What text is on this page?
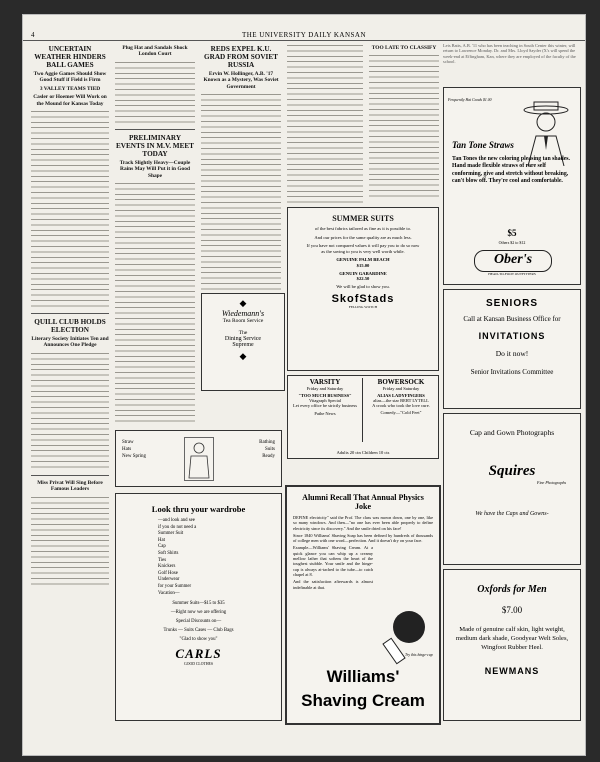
4	THE UNIVERSITY DAILY KANSAN
UNCERTAIN WEATHER HINDERS BALL GAMES
Two Aggie Games Should Show Good Stuff if Field is Firm
3 VALLEY TEAMS TIED
Casler or Hoemer Will Work on the Mound for Kansas Today
QUILL CLUB HOLDS ELECTION
Literary Society Initiates Ten and Announces One Pledge
Miss Privat Will Sing Before Famous Leaders
Plug Hat and Sandals Shock London Court
PRELIMINARY EVENTS IN M.V. MEET TODAY
Track Slightly Heavy—Couple Rains May Will Put it in Good Shape
REDS EXPEL K.U. GRAD FROM SOVIET RUSSIA
Ervin W. Hollinger, A.B. '17 Known as a Mystery, Was Soviet Government
TOO LATE TO CLASSIFY
SUMMER SUITS
of the best fabrics tailored as fine as it is possible to.
And our prices for the same quality are as much less.
If you have not compared values it will pay you to do so now as the saving to you is very well worth while.
GENUINE PALM BEACH
$15.00
GENUIN GABARDINE
$22.50
We will be glad to show you.
SkofStads
FELLING WOTCH
◆
Wiedemann's
Tea Room Service
The
Dining Service
Supreme
◆
VARSITY
Friday and Saturday
"TOO MUCH BUSINESS"
Vitagraph Special
Let every office be strictly business
Pathe News
BOWERSOCK
Friday and Saturday
ALIAS LADYFINGERS
alias—the star BERT LYTELL
A crook who took the love cure.
Comedy—"Cold Feet"
Adults 20 ctn Children 10 cts
Straw
Hats
New Spring
Bathing
Suits
Ready
Look thru your wardrobe
—and look and see
if you do not need a
Summer Suit
Hat
Cap
Soft Shirts
Ties
Knickers
Golf Hose
Underwear
for your Summer
Vacation—
Summer Suits—$15 to $35
—Right now we are offering
Special Discounts on—
Trunks — Suits Cases — Club Bags
"Glad to show you"
CARLS
GOOD CLOTHES
Alumni Recall That Annual Physics Joke
DEFINE electricity" said the Prof. The class was mown down, one by one, like so many windows. And then—"no one has ever been able properly to define electricity since its discovery." And the smile dried on his face!
Since 1840 Williams' Shaving Soap has been defined by hundreds of thousands of college men with one word—perfection. And it doesn't dry on your face.
Example—Williams' Shaving Cream. At a quick glance you can whip up a creamy mellow lather that softens the heart of the toughest stubble. Your smile and the hinge-cap is always at-tached to the tube—to catch chapel at 8.
And the satisfaction afterwards is almost indefinable at that.
Try this hinge-cap
Williams'
Shaving Cream
Leis Batts, A.B. '11 who has been teaching in South Center this winter, will return to Lawrence Monday. Dr. and Mrs. Lloyd Sayder (X's will spend the week-end at Effingham, Kan, where they are employed of the faculty of the school.
Frequently Hat Goods $1.00
Tan Tone Straws
Tan Tones the new coloring pleasing tan shades. Hand made flexible straws of rare self conforming, give and stretch without breaking, can't blow off. They're cool and comfortable.
$5
Others $2 to $12
Ober's
HEAD-TO-FOOT OUTFITTERS
SENIORS
Call at Kansan Business Office for
INVITATIONS
Do it now!
Senior Invitations Committee
Cap and Gown Photographs
Squires
Fine Photographs
We have the Caps and Gowns-
Oxfords for Men
$7.00
Made of genuine calf skin, light weight, medium dark shade, Goodyear Welt Soles, Wingfoot Rubber Heel.
NEWMANS
